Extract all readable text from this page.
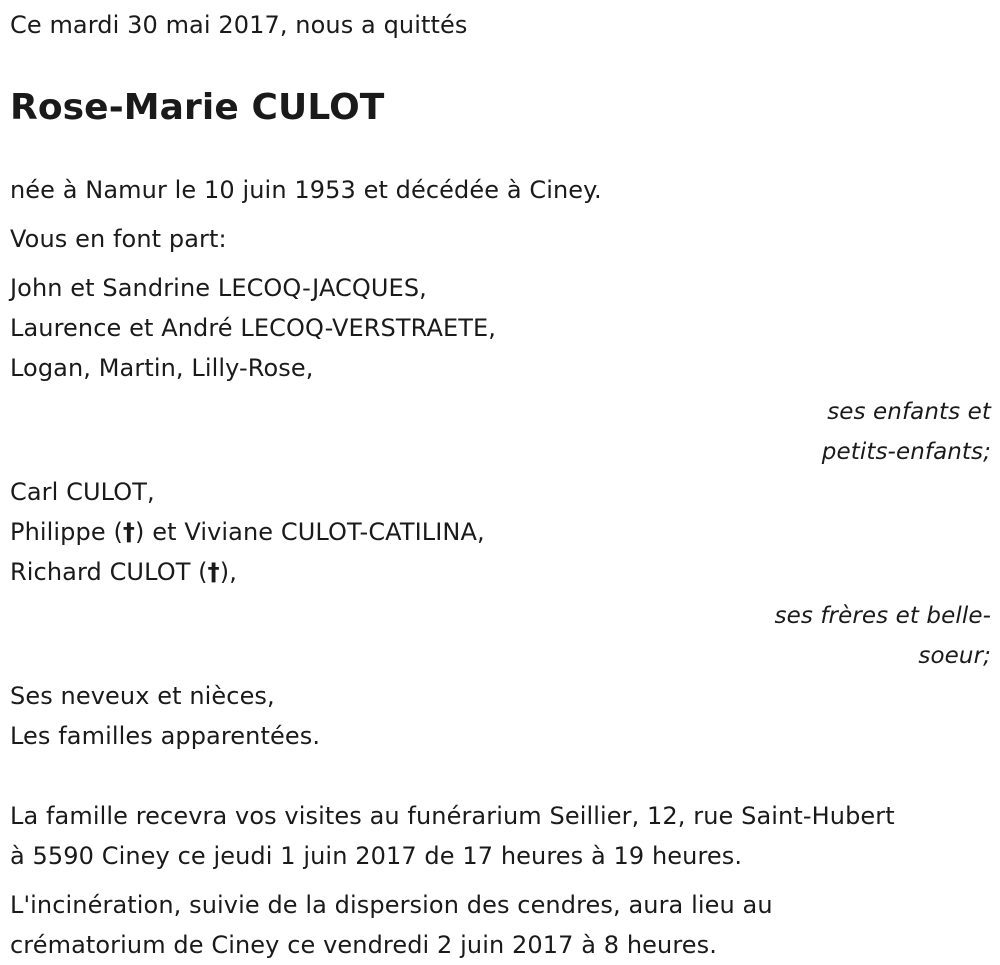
Ce mardi 30 mai 2017, nous a quittés
Rose-Marie CULOT
née à Namur le 10 juin 1953 et décédée à Ciney.
Vous en font part:
John et Sandrine LECOQ-JACQUES,
Laurence et André LECOQ-VERSTRAETE,
Logan, Martin, Lilly-Rose,
ses enfants et
petits-enfants;
Carl CULOT,
Philippe (†) et Viviane CULOT-CATILINA,
Richard CULOT (†),
ses frères et belle-
soeur;
Ses neveux et nièces,
Les familles apparentées.
La famille recevra vos visites au funérarium Seillier, 12, rue Saint-Hubert
à 5590 Ciney ce jeudi 1 juin 2017 de 17 heures à 19 heures.
L'incinération, suivie de la dispersion des cendres, aura lieu au
crématorium de Ciney ce vendredi 2 juin 2017 à 8 heures.
